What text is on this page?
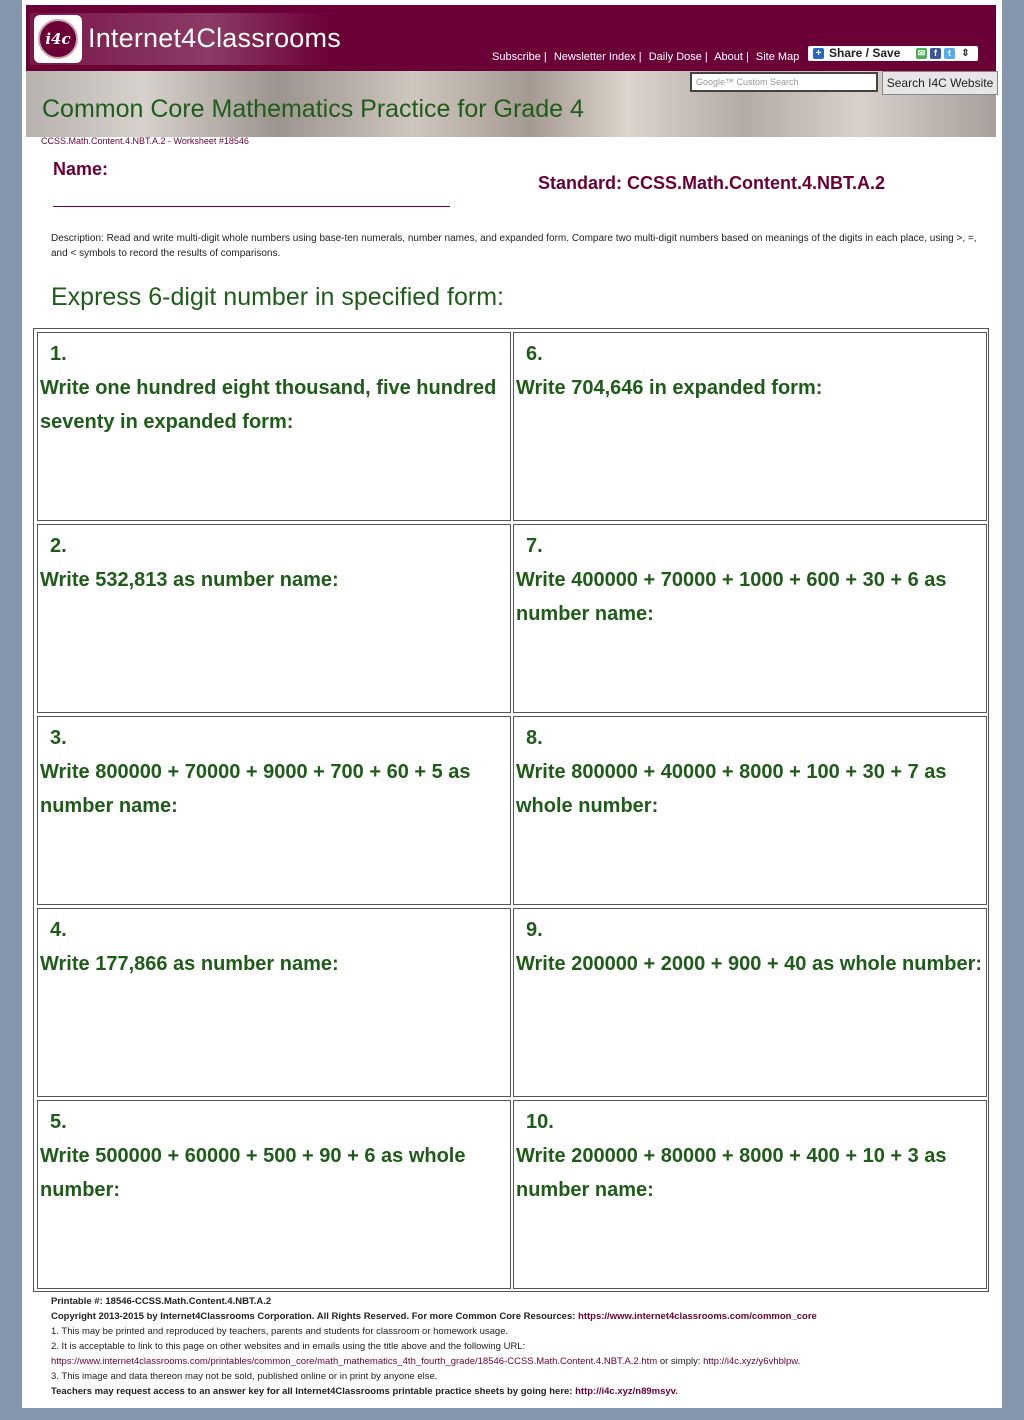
i4c Internet4Classrooms
Subscribe | Newsletter Index | Daily Dose | About | Site Map + Share / Save ✉ f	t	⇕
Google™ Custom Search	Search I4C Website
Common Core Mathematics Practice for Grade 4
CCSS.Math.Content.4.NBT.A.2 - Worksheet #18546
Name:
Standard: CCSS.Math.Content.4.NBT.A.2
Description: Read and write multi-digit whole numbers using base-ten numerals, number names, and expanded form. Compare two multi-digit numbers based on meanings of the digits in each place, using >, =, and < symbols to record the results of comparisons.
Express 6-digit number in specified form:
1.
Write one hundred eight thousand, five hundred seventy in expanded form:
2.
Write 532,813 as number name:
3.
Write 800000 + 70000 + 9000 + 700 + 60 + 5 as number name:
4.
Write 177,866 as number name:
5.
Write 500000 + 60000 + 500 + 90 + 6 as whole number:
6.
Write 704,646 in expanded form:
7.
Write 400000 + 70000 + 1000 + 600 + 30 + 6 as number name:
8.
Write 800000 + 40000 + 8000 + 100 + 30 + 7 as whole number:
9.
Write 200000 + 2000 + 900 + 40 as whole number:
10.
Write 200000 + 80000 + 8000 + 400 + 10 + 3 as number name:
Printable #: 18546-CCSS.Math.Content.4.NBT.A.2
Copyright 2013-2015 by Internet4Classrooms Corporation. All Rights Reserved. For more Common Core Resources: https://www.internet4classrooms.com/common_core
1. This may be printed and reproduced by teachers, parents and students for classroom or homework usage.
2. It is acceptable to link to this page on other websites and in emails using the title above and the following URL:
https://www.internet4classrooms.com/printables/common_core/math_mathematics_4th_fourth_grade/18546-CCSS.Math.Content.4.NBT.A.2.htm or simply: http://i4c.xyz/y6vhblpw.
3. This image and data thereon may not be sold, published online or in print by anyone else.
Teachers may request access to an answer key for all Internet4Classrooms printable practice sheets by going here: http://i4c.xyz/n89msyv.
